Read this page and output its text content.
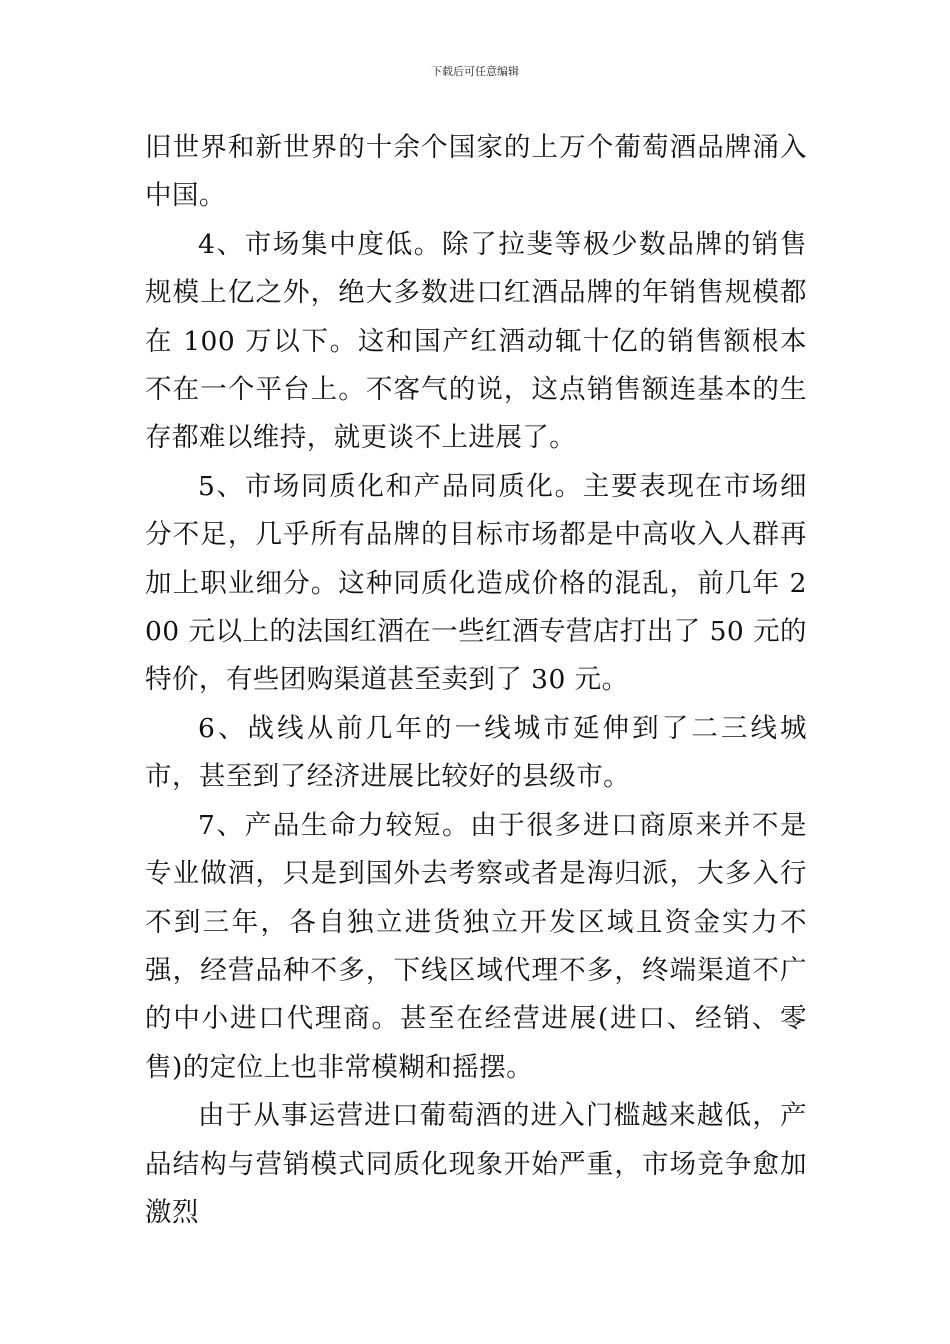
下载后可任意编辑

旧世界和新世界的十余个国家的上万个葡萄酒品牌涌入中国。

4、市场集中度低。除了拉斐等极少数品牌的销售规模上亿之外，绝大多数进口红酒品牌的年销售规模都在 100 万以下。这和国产红酒动辄十亿的销售额根本不在一个平台上。不客气的说，这点销售额连基本的生存都难以维持，就更谈不上进展了。

5、市场同质化和产品同质化。主要表现在市场细分不足，几乎所有品牌的目标市场都是中高收入人群再加上职业细分。这种同质化造成价格的混乱，前几年 200 元以上的法国红酒在一些红酒专营店打出了 50 元的特价，有些团购渠道甚至卖到了 30 元。

6、战线从前几年的一线城市延伸到了二三线城市，甚至到了经济进展比较好的县级市。

7、产品生命力较短。由于很多进口商原来并不是专业做酒，只是到国外去考察或者是海归派，大多入行不到三年，各自独立进货独立开发区域且资金实力不强，经营品种不多，下线区域代理不多，终端渠道不广的中小进口代理商。甚至在经营进展(进口、经销、零售)的定位上也非常模糊和摇摆。

由于从事运营进口葡萄酒的进入门槛越来越低，产品结构与营销模式同质化现象开始严重，市场竞争愈加激烈
